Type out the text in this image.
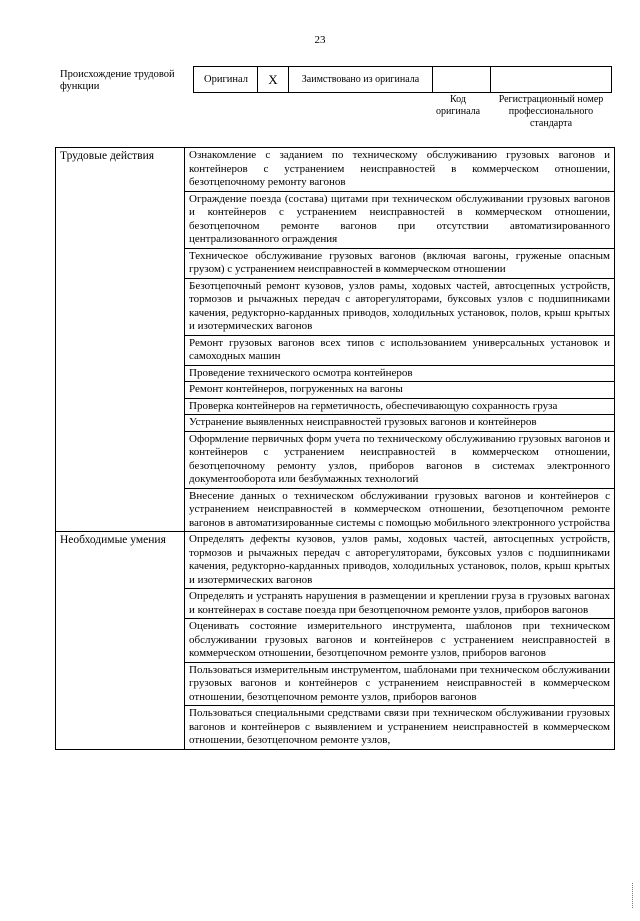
23
Происхождение трудовой функции
Оригинал	X	Заимствовано из оригинала		
Код оригинала
Регистрационный номер профессионального стандарта
Трудовые действия	Ознакомление с заданием по техническому обслуживанию грузовых вагонов и контейнеров с устранением неисправностей в коммерческом отношении, безотцепочному ремонту вагонов
	Ограждение поезда (состава) щитами при техническом обслуживании грузовых вагонов и контейнеров с устранением неисправностей в коммерческом отношении, безотцепочном ремонте вагонов при отсутствии автоматизированного централизованного ограждения
	Техническое обслуживание грузовых вагонов (включая вагоны, груженые опасным грузом) с устранением неисправностей в коммерческом отношении
	Безотцепочный ремонт кузовов, узлов рамы, ходовых частей, автосцепных устройств, тормозов и рычажных передач с авторегуляторами, буксовых узлов с подшипниками качения, редукторно-карданных приводов, холодильных установок, полов, крыш крытых и изотермических вагонов
	Ремонт грузовых вагонов всех типов с использованием универсальных установок и самоходных машин
	Проведение технического осмотра контейнеров
	Ремонт контейнеров, погруженных на вагоны
	Проверка контейнеров на герметичность, обеспечивающую сохранность груза
	Устранение выявленных неисправностей грузовых вагонов и контейнеров
	Оформление первичных форм учета по техническому обслуживанию грузовых вагонов и контейнеров с устранением неисправностей в коммерческом отношении, безотцепочному ремонту узлов, приборов вагонов в системах электронного документооборота или безбумажных технологий
	Внесение данных о техническом обслуживании грузовых вагонов и контейнеров с устранением неисправностей в коммерческом отношении, безотцепочном ремонте вагонов в автоматизированные системы с помощью мобильного электронного устройства
Необходимые умения	Определять дефекты кузовов, узлов рамы, ходовых частей, автосцепных устройств, тормозов и рычажных передач с авторегуляторами, буксовых узлов с подшипниками качения, редукторно-карданных приводов, холодильных установок, полов, крыш крытых и изотермических вагонов
	Определять и устранять нарушения в размещении и креплении груза в грузовых вагонах и контейнерах в составе поезда при безотцепочном ремонте узлов, приборов вагонов
	Оценивать состояние измерительного инструмента, шаблонов при техническом обслуживании грузовых вагонов и контейнеров с устранением неисправностей в коммерческом отношении, безотцепочном ремонте узлов, приборов вагонов
	Пользоваться измерительным инструментом, шаблонами при техническом обслуживании грузовых вагонов и контейнеров с устранением неисправностей в коммерческом отношении, безотцепочном ремонте узлов, приборов вагонов
	Пользоваться специальными средствами связи при техническом обслуживании грузовых вагонов и контейнеров с выявлением и устранением неисправностей в коммерческом отношении, безотцепочном ремонте узлов,
